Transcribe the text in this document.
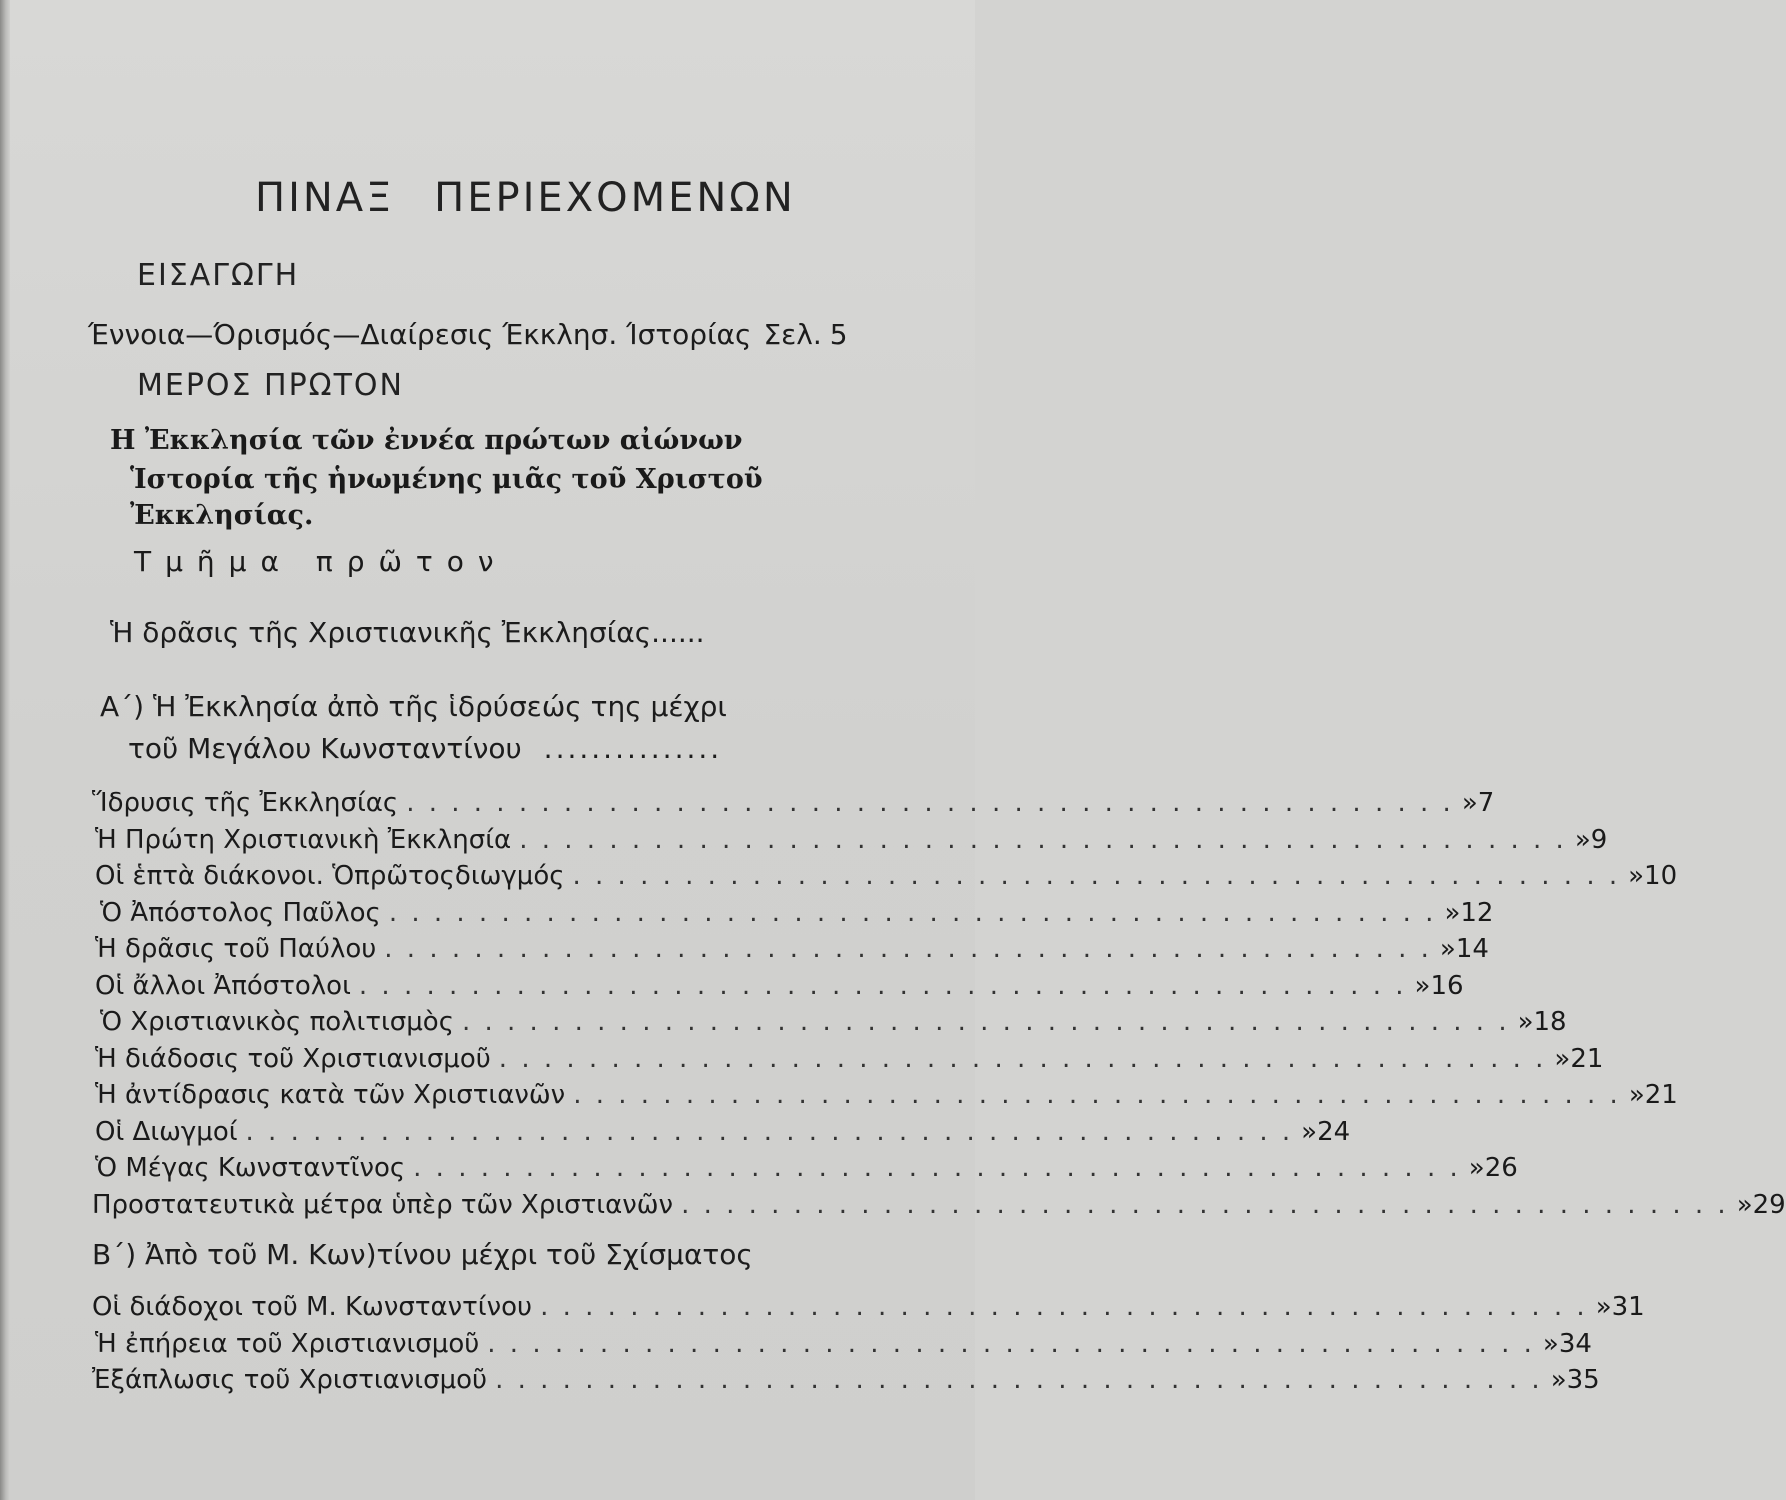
ΠΙΝΑΞ ΠΕΡΙΕΧΟΜΕΝΩΝ
ΕΙΣΑΓΩΓΗ
Έννοια—Όρισμός—Διαίρεσις Έκκλησ. Ίστορίας Σελ. 5
ΜΕΡΟΣ ΠΡΩΤΟΝ
Η Ἐκκλησία τῶν ἐννέα πρώτων αἰώνων
Ἱστορία τῆς ἡνωμένης μιᾶς τοῦ Χριστοῦ
Ἐκκλησίας.
Τμῆμα πρῶτον
Ἡ δρᾶσις τῆς Χριστιανικῆς Ἐκκλησίας......
Α΄) Ἡ Ἐκκλησία ἀπὸ τῆς ἱδρύσεώς της μέχρι
τοῦ Μεγάλου Κωνσταντίνου ...............
Ἵδρυσις τῆς Ἐκκλησίας . . . . . . . . . . . . . . . . . . . . . . . . . . . . . . . . . . . . . . . . . . . . . . . » 7
Ἡ Πρώτη Χριστιανικὴ Ἐκκλησία . . . . . . . . . . . . . . . . . . . . . . . . . . . . . . . . . . . . . . . . . . . . . . . » 9
Οἱ ἑπτὰ διάκονοι. Ὁπρῶτοςδιωγμός . . . . . . . . . . . . . . . . . . . . . . . . . . . . . . . . . . . . . . . . . . . . . . . » 10
Ὁ Ἀπόστολος Παῦλος . . . . . . . . . . . . . . . . . . . . . . . . . . . . . . . . . . . . . . . . . . . . . . . » 12
Ἡ δρᾶσις τοῦ Παύλου . . . . . . . . . . . . . . . . . . . . . . . . . . . . . . . . . . . . . . . . . . . . . . . » 14
Οἱ ἄλλοι Ἀπόστολοι . . . . . . . . . . . . . . . . . . . . . . . . . . . . . . . . . . . . . . . . . . . . . . . » 16
Ὁ Χριστιανικὸς πολιτισμὸς . . . . . . . . . . . . . . . . . . . . . . . . . . . . . . . . . . . . . . . . . . . . . . . » 18
Ἡ διάδοσις τοῦ Χριστιανισμοῦ . . . . . . . . . . . . . . . . . . . . . . . . . . . . . . . . . . . . . . . . . . . . . . . » 21
Ἡ ἀντίδρασις κατὰ τῶν Χριστιανῶν . . . . . . . . . . . . . . . . . . . . . . . . . . . . . . . . . . . . . . . . . . . . . . . » 21
Οἱ Διωγμοί . . . . . . . . . . . . . . . . . . . . . . . . . . . . . . . . . . . . . . . . . . . . . . . » 24
Ὁ Μέγας Κωνσταντῖνος . . . . . . . . . . . . . . . . . . . . . . . . . . . . . . . . . . . . . . . . . . . . . . . » 26
Προστατευτικὰ μέτρα ὑπὲρ τῶν Χριστιανῶν . . . . . . . . . . . . . . . . . . . . . . . . . . . . . . . . . . . . . . . . . . . . . . . » 29
Β΄) Ἀπὸ τοῦ Μ. Κων)τίνου μέχρι τοῦ Σχίσματος
Οἱ διάδοχοι τοῦ Μ. Κωνσταντίνου . . . . . . . . . . . . . . . . . . . . . . . . . . . . . . . . . . . . . . . . . . . . . . . » 31
Ἡ ἐπήρεια τοῦ Χριστιανισμοῦ . . . . . . . . . . . . . . . . . . . . . . . . . . . . . . . . . . . . . . . . . . . . . . . » 34
Ἐξάπλωσις τοῦ Χριστιανισμοῦ . . . . . . . . . . . . . . . . . . . . . . . . . . . . . . . . . . . . . . . . . . . . . . . » 35
